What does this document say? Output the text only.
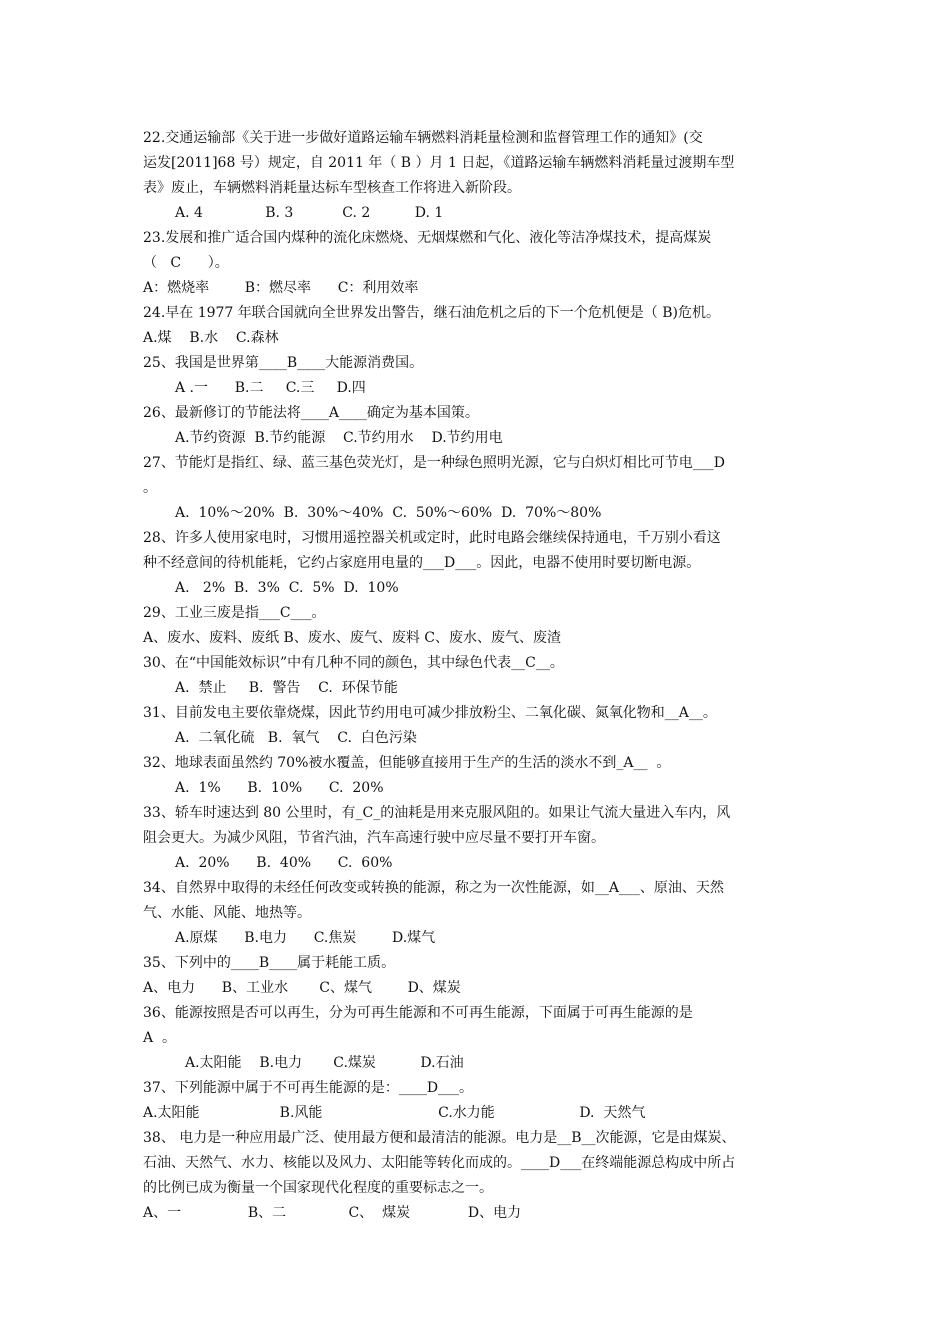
22.交通运输部《关于进一步做好道路运输车辆燃料消耗量检测和监督管理工作的通知》(交
运发[2011]68 号）规定，自 2011 年（ B ）月 1 日起，《道路运输车辆燃料消耗量过渡期车型
表》废止，车辆燃料消耗量达标车型核查工作将进入新阶段。
A. 4              B. 3           C. 2          D. 1
23.发展和推广适合国内煤种的流化床燃烧、无烟煤燃和气化、液化等洁净煤技术，提高煤炭
（   C      ）。
A：燃烧率        B：燃尽率      C：利用效率
24.早在 1977 年联合国就向全世界发出警告，继石油危机之后的下一个危机便是（ B)危机。
A.煤    B.水    C.森林
25、我国是世界第____B____大能源消费国。
A .一      B.二     C.三     D.四
26、最新修订的节能法将____A____确定为基本国策。
A.节约资源  B.节约能源    C.节约用水    D.节约用电
27、节能灯是指红、绿、蓝三基色荧光灯，是一种绿色照明光源，它与白炽灯相比可节电___D
。
A.  10%～20%  B.  30%～40%  C.  50%～60%  D.  70%～80%
28、许多人使用家电时，习惯用遥控器关机或定时，此时电路会继续保持通电，千万别小看这
种不经意间的待机能耗，它约占家庭用电量的___D___。因此，电器不使用时要切断电源。
A.   2%  B.  3%  C.  5%  D.  10%
29、工业三废是指___C___。
A、废水、废料、废纸 B、废水、废气、废料 C、废水、废气、废渣
30、在“中国能效标识”中有几种不同的颜色，其中绿色代表__C__。
A.  禁止     B.  警告    C.  环保节能
31、目前发电主要依靠烧煤，因此节约用电可减少排放粉尘、二氧化碳、氮氧化物和__A__。
A.  二氧化硫   B.  氧气    C.  白色污染
32、地球表面虽然约 70%被水覆盖，但能够直接用于生产的生活的淡水不到_A__  。
A.  1%      B.  10%      C.  20%
33、轿车时速达到 80 公里时，有_C_的油耗是用来克服风阻的。如果让气流大量进入车内，风
阻会更大。为减少风阻，节省汽油，汽车高速行驶中应尽量不要打开车窗。
A.  20%      B.  40%      C.  60%
34、自然界中取得的未经任何改变或转换的能源，称之为一次性能源，如__A___、原油、天然
气、水能、风能、地热等。
A.原煤      B.电力      C.焦炭        D.煤气
35、下列中的____B____属于耗能工质。
A、电力      B、工业水       C、煤气        D、煤炭
36、能源按照是否可以再生，分为可再生能源和不可再生能源，下面属于可再生能源的是
A  。
A.太阳能    B.电力       C.煤炭          D.石油
37、下列能源中属于不可再生能源的是：____D___。
A.太阳能                  B.风能                          C.水力能                   D.  天然气
38、 电力是一种应用最广泛、使用最方便和最清洁的能源。电力是__B__次能源，它是由煤炭、
石油、天然气、水力、核能以及风力、太阳能等转化而成的。____D___在终端能源总构成中所占
的比例已成为衡量一个国家现代化程度的重要标志之一。
A、一               B、二              C、  煤炭             D、电力
